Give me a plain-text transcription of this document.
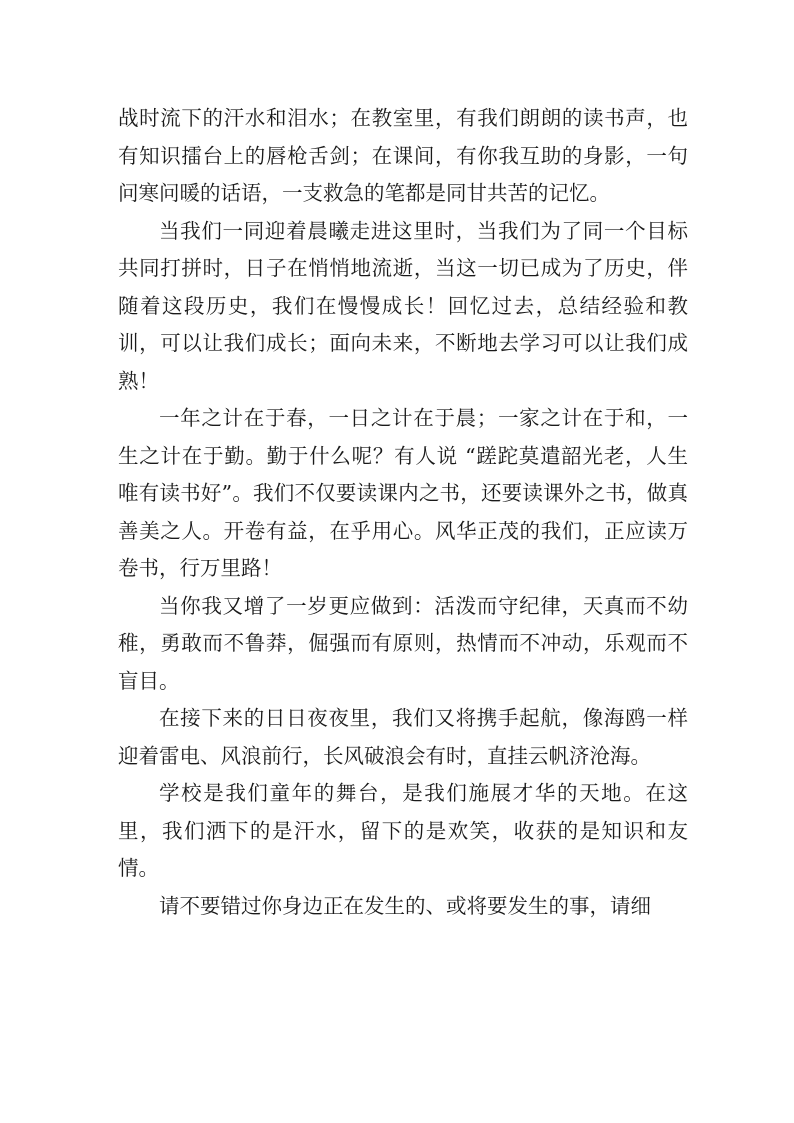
战时流下的汗水和泪水；在教室里，有我们朗朗的读书声，也有知识擂台上的唇枪舌剑；在课间，有你我互助的身影，一句问寒问暖的话语，一支救急的笔都是同甘共苦的记忆。

当我们一同迎着晨曦走进这里时，当我们为了同一个目标共同打拼时，日子在悄悄地流逝，当这一切已成为了历史，伴随着这段历史，我们在慢慢成长！回忆过去，总结经验和教训，可以让我们成长；面向未来，不断地去学习可以让我们成熟！

一年之计在于春，一日之计在于晨；一家之计在于和，一生之计在于勤。勤于什么呢？有人说 “蹉跎莫遣韶光老，人生唯有读书好”。我们不仅要读课内之书，还要读课外之书，做真善美之人。开卷有益，在乎用心。风华正茂的我们，正应读万卷书，行万里路！

当你我又增了一岁更应做到：活泼而守纪律，天真而不幼稚，勇敢而不鲁莽，倔强而有原则，热情而不冲动，乐观而不盲目。

在接下来的日日夜夜里，我们又将携手起航，像海鸥一样迎着雷电、风浪前行，长风破浪会有时，直挂云帆济沧海。

学校是我们童年的舞台，是我们施展才华的天地。在这里，我们洒下的是汗水，留下的是欢笑，收获的是知识和友情。

请不要错过你身边正在发生的、或将要发生的事，请细
